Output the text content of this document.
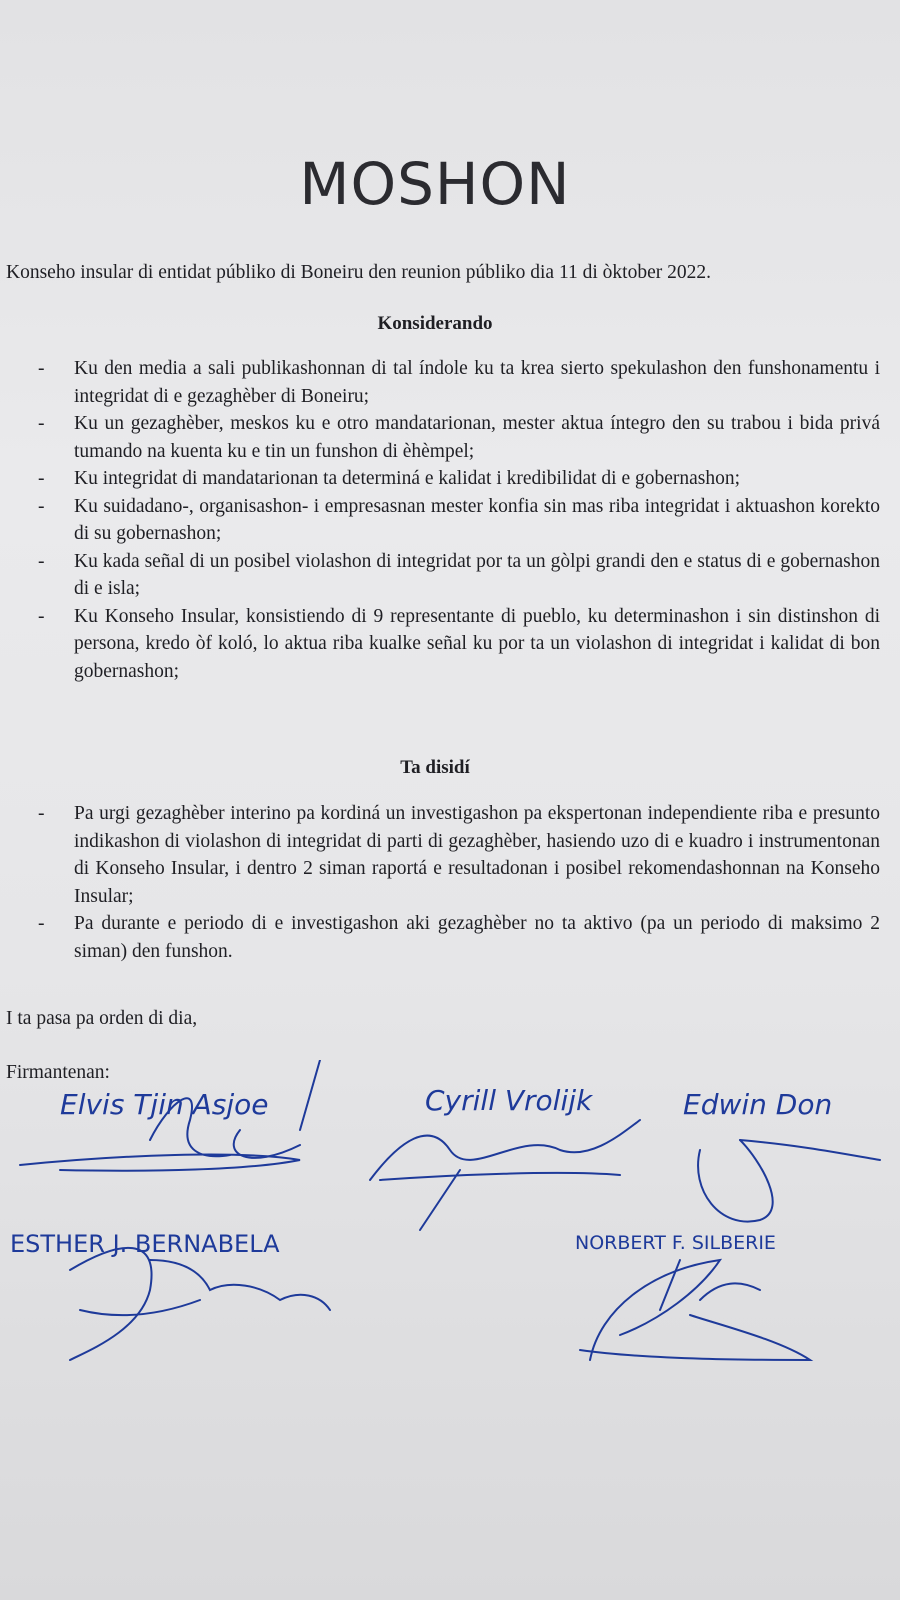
MOSHON
Konseho insular di entidat públiko di Boneiru den reunion públiko dia 11 di òktober 2022.
Konsiderando
- Ku den media a sali publikashonnan di tal índole ku ta krea sierto spekulashon den funshonamentu i integridat di e gezaghèber di Boneiru;
- Ku un gezaghèber, meskos ku e otro mandatarionan, mester aktua íntegro den su trabou i bida privá tumando na kuenta ku e tin un funshon di èhèmpel;
- Ku integridat di mandatarionan ta determiná e kalidat i kredibilidat di e gobernashon;
- Ku suidadano-, organisashon- i empresasnan mester konfia sin mas riba integridat i aktuashon korekto di su gobernashon;
- Ku kada señal di un posibel violashon di integridat por ta un gòlpi grandi den e status di e gobernashon di e isla;
- Ku Konseho Insular, konsistiendo di 9 representante di pueblo, ku determinashon i sin distinshon di persona, kredo òf koló, lo aktua riba kualke señal ku por ta un violashon di integridat i kalidat di bon gobernashon;
Ta disidí
- Pa urgi gezaghèber interino pa kordiná un investigashon pa ekspertonan independiente riba e presunto indikashon di violashon di integridat di parti di gezaghèber, hasiendo uzo di e kuadro i instrumentonan di Konseho Insular, i dentro 2 siman raportá e resultadonan i posibel rekomendashonnan na Konseho Insular;
- Pa durante e periodo di e investigashon aki gezaghèber no ta aktivo (pa un periodo di maksimo 2 siman) den funshon.
I ta pasa pa orden di dia,
Firmantenan:
Elvis Tjin Asjoe	Cyrill Vrolijk	Edwin Don
ESTHER J. BERNABELA	NORBERT F. SILBERIE
